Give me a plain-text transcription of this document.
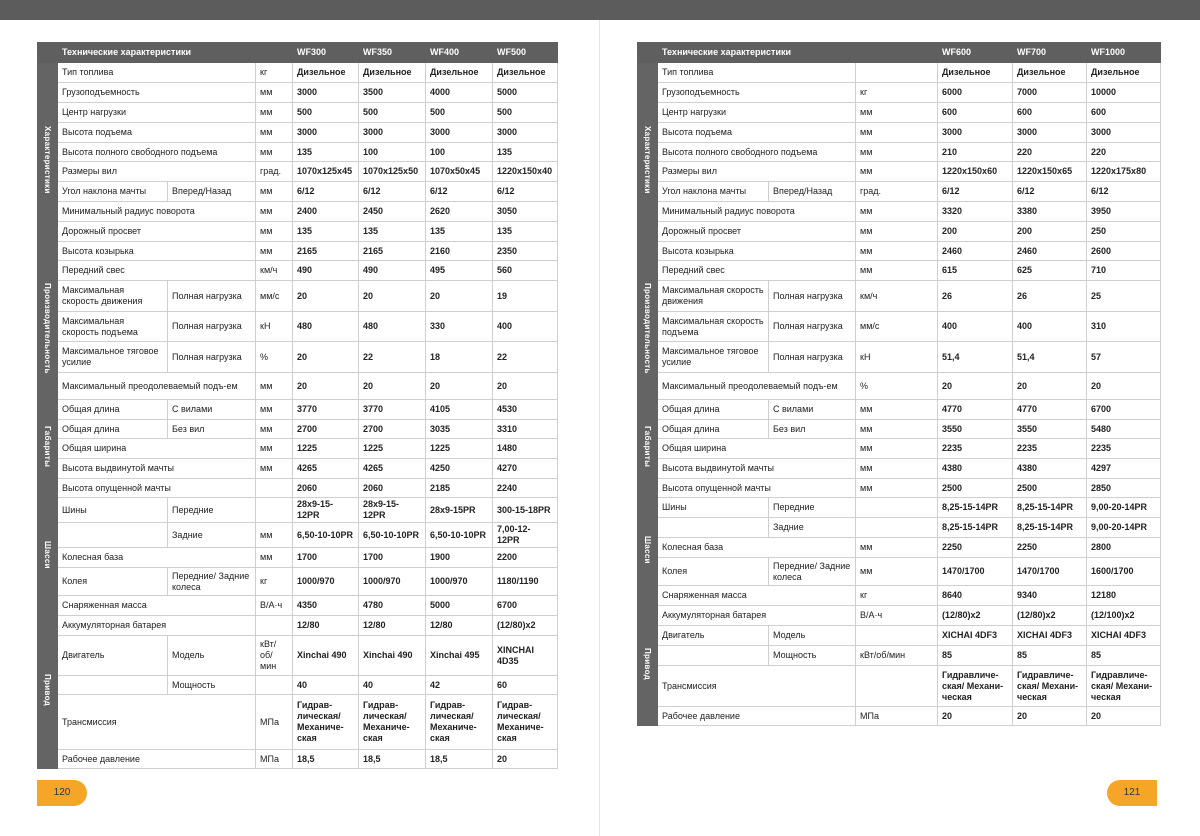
	Технические характеристики			WF300	WF350	WF400	WF500
Характеристики	Тип топлива		кг	Дизельное	Дизельное	Дизельное	Дизельное
	Грузоподъемность		мм	3000	3500	4000	5000
	Центр нагрузки		мм	500	500	500	500
	Высота подъема		мм	3000	3000	3000	3000
	Высота полного свободного подъема		мм	135	100	100	135
	Размеры вил		град.	1070x125x45	1070x125x50	1070x50x45	1220x150x40
	Угол наклона мачты	Вперед/Назад	мм	6/12	6/12	6/12	6/12
	Минимальный радиус поворота		мм	2400	2450	2620	3050
	Дорожный просвет		мм	135	135	135	135
	Высота козырька		мм	2165	2165	2160	2350
Производительность	Передний свес		км/ч	490	490	495	560
	Максимальная скорость движения	Полная нагрузка	мм/с	20	20	20	19
	Максимальная скорость подъема	Полная нагрузка	кН	480	480	330	400
	Максимальное тяговое усилие	Полная нагрузка	%	20	22	18	22
	Максимальный преодолеваемый подъ-ем		мм	20	20	20	20
Габариты	Общая длина	С вилами	мм	3770	3770	4105	4530
	Общая длина	Без вил	мм	2700	2700	3035	3310
	Общая ширина		мм	1225	1225	1225	1480
	Высота выдвинутой мачты		мм	4265	4265	4250	4270
	Высота опущенной мачты			2060	2060	2185	2240
Шасси	Шины	Передние		28x9-15-12PR	28x9-15-12PR	28x9-15PR	300-15-18PR
		Задние	мм	6,50-10-10PR	6,50-10-10PR	6,50-10-10PR	7,00-12-12PR
	Колесная база		мм	1700	1700	1900	2200
	Колея	Передние/ Задние колеса	кг	1000/970	1000/970	1000/970	1180/1190
	Снаряженная масса		В/А·ч	4350	4780	5000	6700
Привод	Аккумуляторная батарея			12/80	12/80	12/80	(12/80)x2
	Двигатель	Модель	кВт/ об/ мин	Xinchai 490	Xinchai 490	Xinchai 495	XINCHAI 4D35
		Мощность		40	40	42	60
	Трансмиссия		МПа	Гидрав-лическая/ Механиче-ская	Гидрав-лическая/ Механиче-ская	Гидрав-лическая/ Механиче-ская	Гидрав-лическая/ Механиче-ская
	Рабочее давление		МПа	18,5	18,5	18,5	20
120
	Технические характеристики			WF600	WF700	WF1000
Характеристики	Тип топлива			Дизельное	Дизельное	Дизельное
	Грузоподъемность		кг	6000	7000	10000
	Центр нагрузки		мм	600	600	600
	Высота подъема		мм	3000	3000	3000
	Высота полного свободного подъема		мм	210	220	220
	Размеры вил		мм	1220x150x60	1220x150x65	1220x175x80
	Угол наклона мачты	Вперед/Назад	град.	6/12	6/12	6/12
	Минимальный радиус поворота		мм	3320	3380	3950
	Дорожный просвет		мм	200	200	250
	Высота козырька		мм	2460	2460	2600
Производительность	Передний свес		мм	615	625	710
	Максимальная скорость движения	Полная нагрузка	км/ч	26	26	25
	Максимальная скорость подъема	Полная нагрузка	мм/с	400	400	310
	Максимальное тяговое усилие	Полная нагрузка	кН	51,4	51,4	57
	Максимальный преодолеваемый подъ-ем		%	20	20	20
Габариты	Общая длина	С вилами	мм	4770	4770	6700
	Общая длина	Без вил	мм	3550	3550	5480
	Общая ширина		мм	2235	2235	2235
	Высота выдвинутой мачты		мм	4380	4380	4297
	Высота опущенной мачты		мм	2500	2500	2850
Шасси	Шины	Передние		8,25-15-14PR	8,25-15-14PR	9,00-20-14PR
		Задние		8,25-15-14PR	8,25-15-14PR	9,00-20-14PR
	Колесная база		мм	2250	2250	2800
	Колея	Передние/ Задние колеса	мм	1470/1700	1470/1700	1600/1700
	Снаряженная масса		кг	8640	9340	12180
Привод	Аккумуляторная батарея		В/А·ч	(12/80)x2	(12/80)x2	(12/100)x2
	Двигатель	Модель		XICHAI 4DF3	XICHAI 4DF3	XICHAI 4DF3
		Мощность	кВт/об/мин	85	85	85
	Трансмиссия			Гидравличе-ская/ Механи-ческая	Гидравличе-ская/ Механи-ческая	Гидравличе-ская/ Механи-ческая
	Рабочее давление		МПа	20	20	20
121
